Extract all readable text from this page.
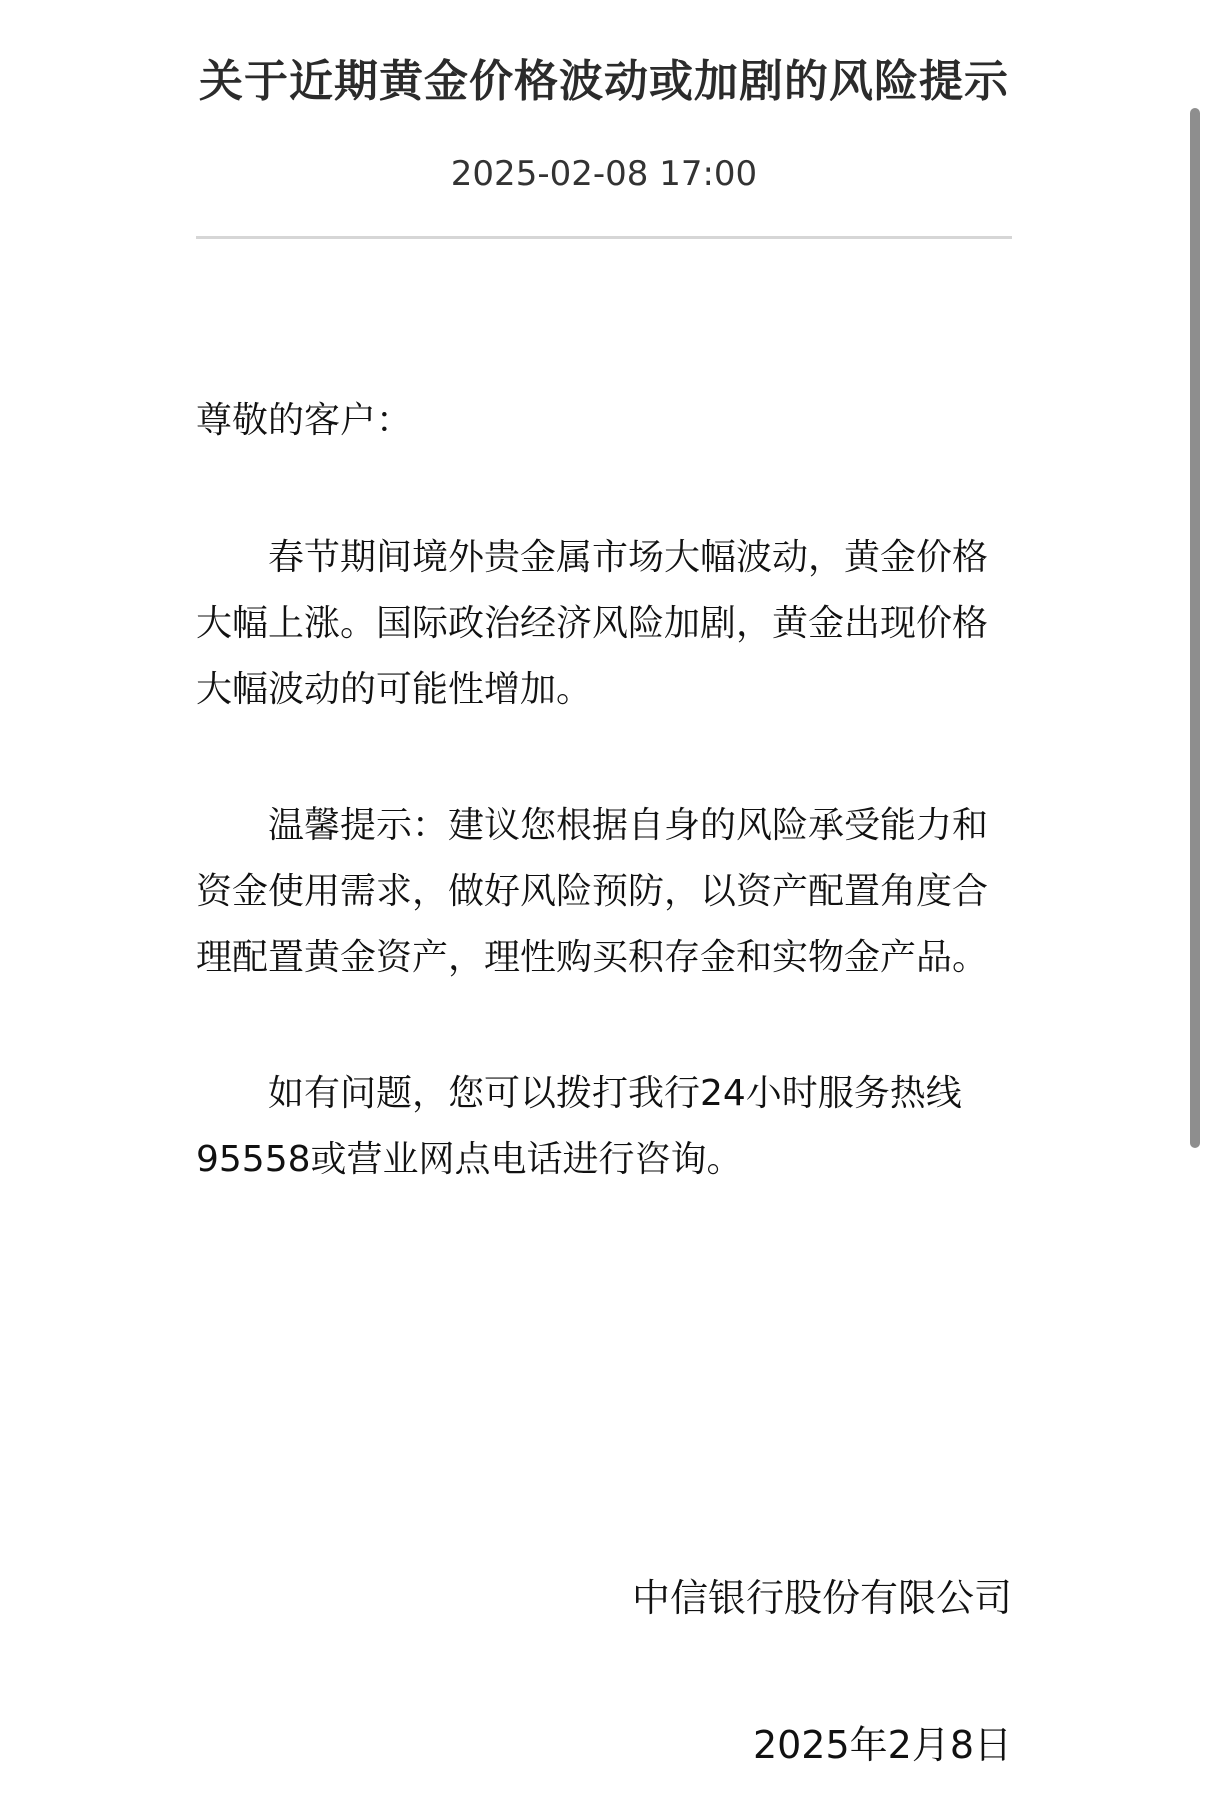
关于近期黄金价格波动或加剧的风险提示
2025-02-08 17:00
尊敬的客户：

春节期间境外贵金属市场大幅波动，黄金价格大幅上涨。国际政治经济风险加剧，黄金出现价格大幅波动的可能性增加。

温馨提示：建议您根据自身的风险承受能力和资金使用需求，做好风险预防，以资产配置角度合理配置黄金资产，理性购买积存金和实物金产品。

如有问题，您可以拨打我行24小时服务热线95558或营业网点电话进行咨询。

中信银行股份有限公司
2025年2月8日
